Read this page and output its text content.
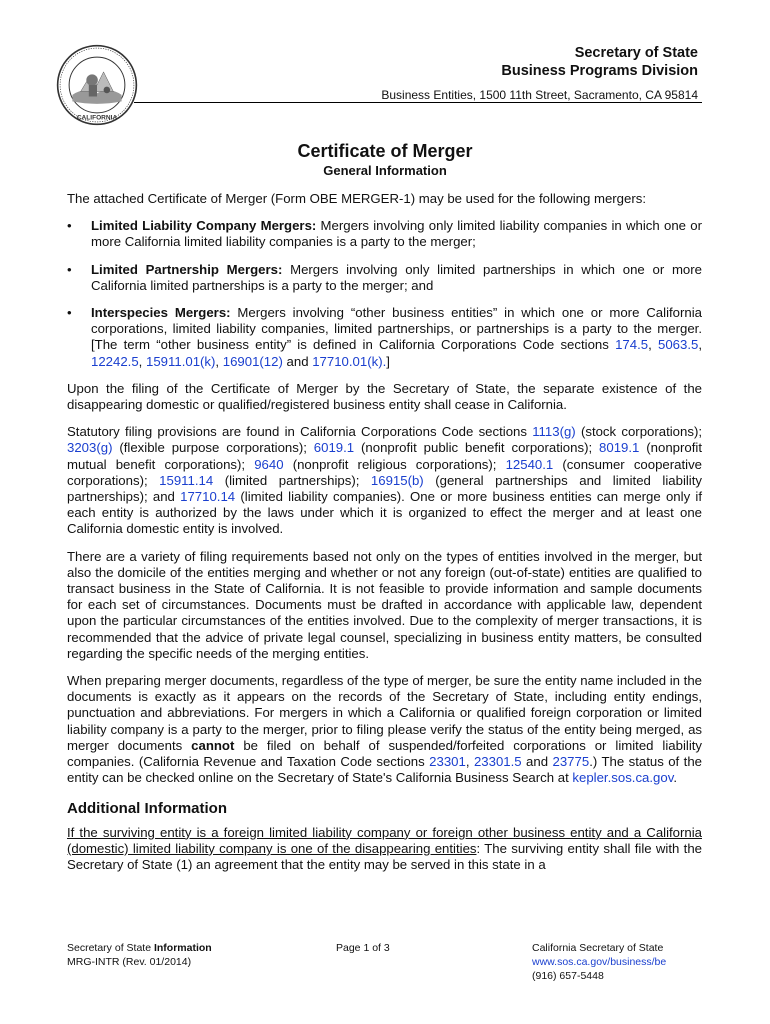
CALIFORNIA
Secretary of State
Business Programs Division
Business Entities, 1500 11th Street, Sacramento, CA 95814
Certificate of Merger
General Information

The attached Certificate of Merger (Form OBE MERGER-1) may be used for the following mergers:

• Limited Liability Company Mergers: Mergers involving only limited liability companies in which one or more California limited liability companies is a party to the merger;
• Limited Partnership Mergers: Mergers involving only limited partnerships in which one or more California limited partnerships is a party to the merger; and
• Interspecies Mergers: Mergers involving “other business entities” in which one or more California corporations, limited liability companies, limited partnerships, or partnerships is a party to the merger. [The term “other business entity” is defined in California Corporations Code sections 174.5, 5063.5, 12242.5, 15911.01(k), 16901(12) and 17710.01(k).]

Upon the filing of the Certificate of Merger by the Secretary of State, the separate existence of the disappearing domestic or qualified/registered business entity shall cease in California.

Statutory filing provisions are found in California Corporations Code sections 1113(g) (stock corporations); 3203(g) (flexible purpose corporations); 6019.1 (nonprofit public benefit corporations); 8019.1 (nonprofit mutual benefit corporations); 9640 (nonprofit religious corporations); 12540.1 (consumer cooperative corporations); 15911.14 (limited partnerships); 16915(b) (general partnerships and limited liability partnerships); and 17710.14 (limited liability companies). One or more business entities can merge only if each entity is authorized by the laws under which it is organized to effect the merger and at least one California domestic entity is involved.

There are a variety of filing requirements based not only on the types of entities involved in the merger, but also the domicile of the entities merging and whether or not any foreign (out-of-state) entities are qualified to transact business in the State of California. It is not feasible to provide information and sample documents for each set of circumstances. Documents must be drafted in accordance with applicable law, dependent upon the particular circumstances of the entities involved. Due to the complexity of merger transactions, it is recommended that the advice of private legal counsel, specializing in business entity matters, be consulted regarding the specific needs of the merging entities.

When preparing merger documents, regardless of the type of merger, be sure the entity name included in the documents is exactly as it appears on the records of the Secretary of State, including entity endings, punctuation and abbreviations. For mergers in which a California or qualified foreign corporation or limited liability company is a party to the merger, prior to filing please verify the status of the entity being merged, as merger documents cannot be filed on behalf of suspended/forfeited corporations or limited liability companies. (California Revenue and Taxation Code sections 23301, 23301.5 and 23775.) The status of the entity can be checked online on the Secretary of State's California Business Search at kepler.sos.ca.gov.

Additional Information

If the surviving entity is a foreign limited liability company or foreign other business entity and a California (domestic) limited liability company is one of the disappearing entities: The surviving entity shall file with the Secretary of State (1) an agreement that the entity may be served in this state in a

Secretary of State Information
MRG-INTR (Rev. 01/2014)
Page 1 of 3	California Secretary of State
www.sos.ca.gov/business/be
(916) 657-5448
